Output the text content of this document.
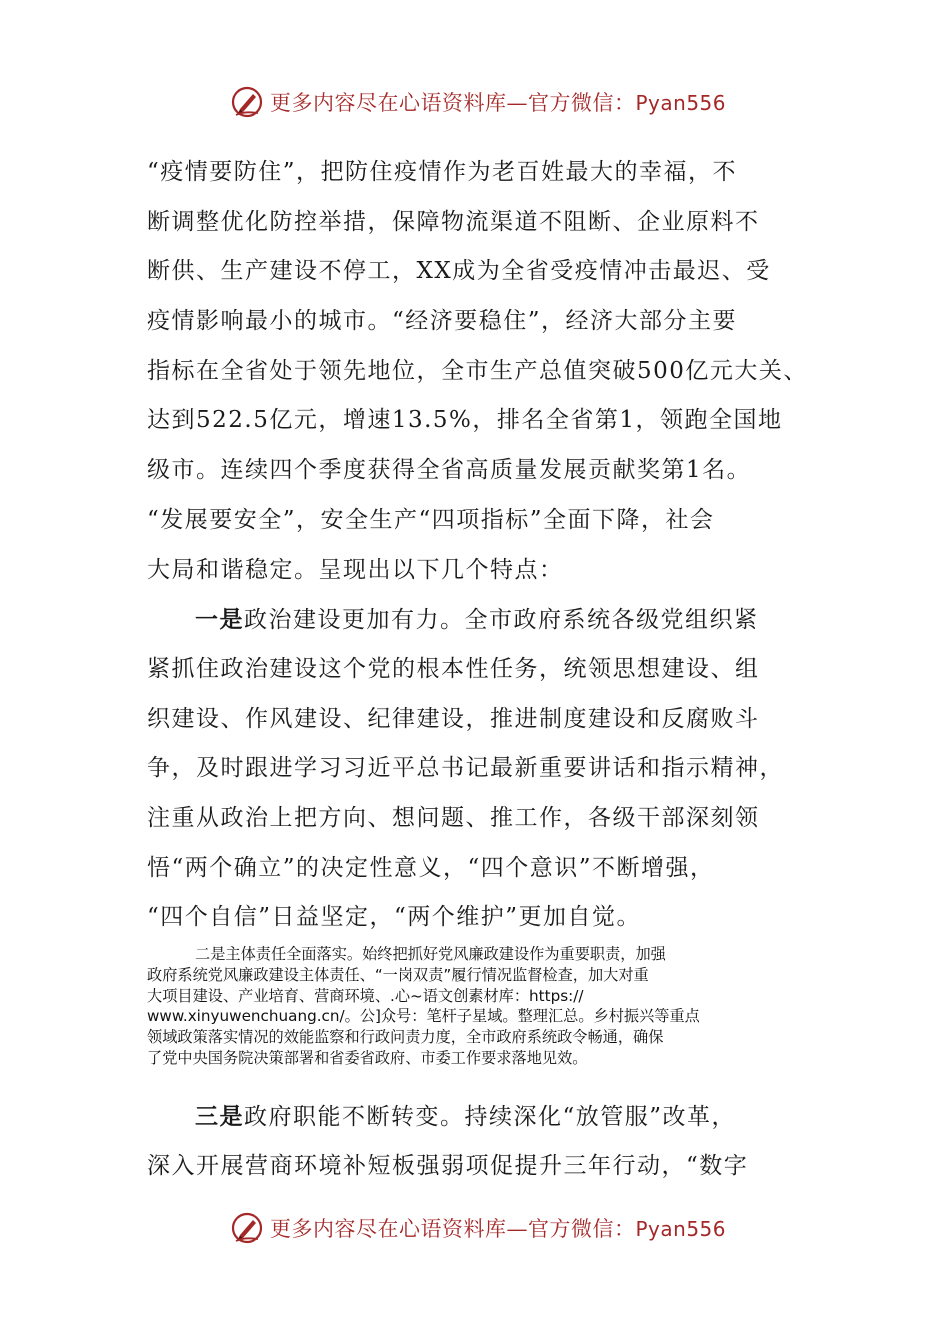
更多内容尽在心语资料库—官方微信：Pyan556
“疫情要防住”，把防住疫情作为老百姓最大的幸福，不
断调整优化防控举措，保障物流渠道不阻断、企业原料不
断供、生产建设不停工，XX成为全省受疫情冲击最迟、受
疫情影响最小的城市。“经济要稳住”，经济大部分主要
指标在全省处于领先地位，全市生产总值突破500亿元大关、
达到522.5亿元，增速13.5%，排名全省第1，领跑全国地
级市。连续四个季度获得全省高质量发展贡献奖第1名。
“发展要安全”，安全生产“四项指标”全面下降，社会
大局和谐稳定。呈现出以下几个特点：
一是政治建设更加有力。全市政府系统各级党组织紧
紧抓住政治建设这个党的根本性任务，统领思想建设、组
织建设、作风建设、纪律建设，推进制度建设和反腐败斗
争，及时跟进学习习近平总书记最新重要讲话和指示精神，
注重从政治上把方向、想问题、推工作，各级干部深刻领
悟“两个确立”的决定性意义，“四个意识”不断增强，
“四个自信”日益坚定，“两个维护”更加自觉。
二是主体责任全面落实。始终把抓好党风廉政建设作为重要职责，加强
政府系统党风廉政建设主体责任、“一岗双责”履行情况监督检查，加大对重
大项目建设、产业培育、营商环境、.心~语文创素材库：https://
www.xinyuwenchuang.cn/。公]众号：笔杆子星域。整理汇总。乡村振兴等重点
领域政策落实情况的效能监察和行政问责力度，全市政府系统政令畅通，确保
了党中央国务院决策部署和省委省政府、市委工作要求落地见效。
三是政府职能不断转变。持续深化“放管服”改革，
深入开展营商环境补短板强弱项促提升三年行动，“数字
更多内容尽在心语资料库—官方微信：Pyan556
